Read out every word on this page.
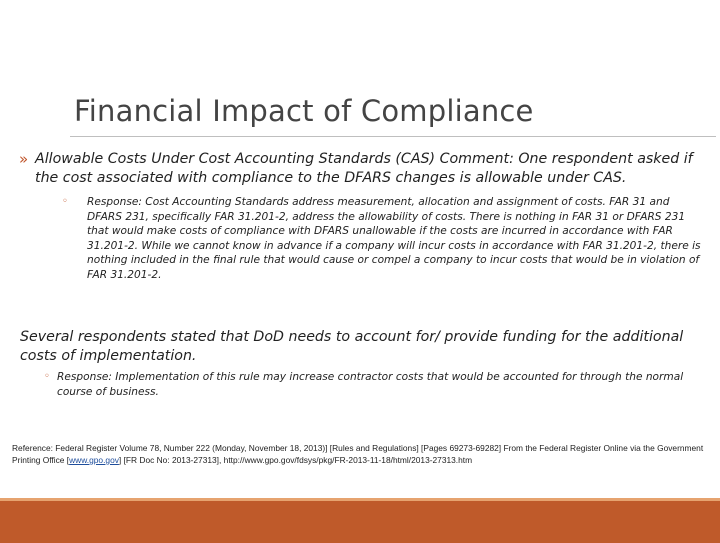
Financial Impact of Compliance
» Allowable Costs Under Cost Accounting Standards (CAS) Comment: One respondent asked if the cost associated with compliance to the DFARS changes is allowable under CAS.
◦	Response: Cost Accounting Standards address measurement, allocation and assignment of costs. FAR 31 and DFARS 231, specifically FAR 31.201-2, address the allowability of costs. There is nothing in FAR 31 or DFARS 231 that would make costs of compliance with DFARS unallowable if the costs are incurred in accordance with FAR 31.201-2. While we cannot know in advance if a company will incur costs in accordance with FAR 31.201-2, there is nothing included in the final rule that would cause or compel a company to incur costs that would be in violation of FAR 31.201-2.
Several respondents stated that DoD needs to account for/ provide funding for the additional costs of implementation.
◦ Response: Implementation of this rule may increase contractor costs that would be accounted for through the normal course of business.
Reference: Federal Register Volume 78, Number 222 (Monday, November 18, 2013)] [Rules and Regulations] [Pages 69273-69282] From the Federal Register Online via the Government Printing Office [www.gpo.gov] [FR Doc No: 2013-27313], http://www.gpo.gov/fdsys/pkg/FR-2013-11-18/html/2013-27313.htm
